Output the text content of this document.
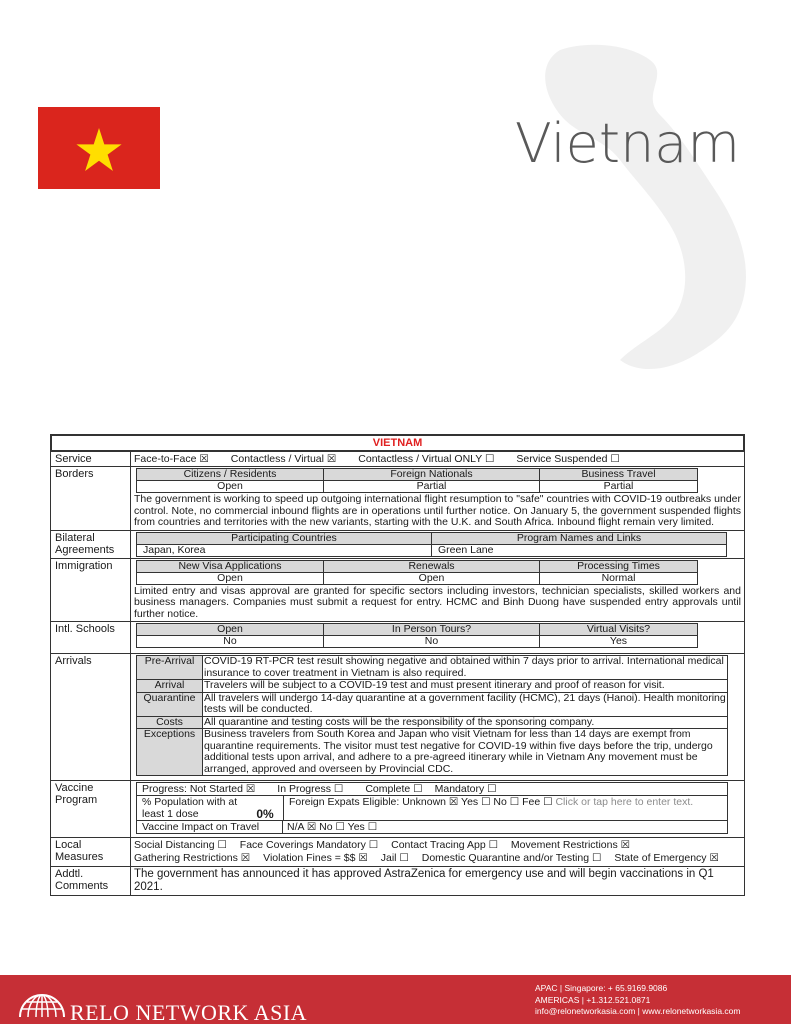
Vietnam
VIETNAM
Service	Face-to-Face ☒ Contactless / Virtual ☒ Contactless / Virtual ONLY ☐ Service Suspended ☐
Borders	Citizens / Residents	Foreign Nationals	Business Travel
Open	Partial	Partial
The government is working to speed up outgoing international flight resumption to "safe" countries with COVID-19 outbreaks under control. Note, no commercial inbound flights are in operations until further notice. On January 5, the government suspended flights from countries and territories with the new variants, starting with the U.K. and South Africa. Inbound flight remain very limited.
Bilateral Agreements
Participating Countries	Program Names and Links
Japan, Korea	Green Lane
Immigration	New Visa Applications	Renewals	Processing Times
Open	Open	Normal
Limited entry and visas approval are granted for specific sectors including investors, technician specialists, skilled workers and business managers. Companies must submit a request for entry. HCMC and Binh Duong have suspended entry approvals until further notice.
Intl. Schools	Open	In Person Tours?	Virtual Visits?
No	No	Yes
Arrivals	Pre-Arrival COVID-19 RT-PCR test result showing negative and obtained within 7 days prior to arrival. International medical insurance to cover treatment in Vietnam is also required.
Arrival	Travelers will be subject to a COVID-19 test and must present itinerary and proof of reason for visit.
Quarantine All travelers will undergo 14-day quarantine at a government facility (HCMC), 21 days (Hanoi). Health monitoring tests will be conducted.
Costs	All quarantine and testing costs will be the responsibility of the sponsoring company.
Exceptions Business travelers from South Korea and Japan who visit Vietnam for less than 14 days are exempt from quarantine requirements. The visitor must test negative for COVID-19 within five days before the trip, undergo additional tests upon arrival, and adhere to a pre-agreed itinerary while in Vietnam Any movement must be arranged, approved and overseen by Provincial CDC.
Vaccine Program
Progress: Not Started ☒ In Progress ☐ Complete ☐ Mandatory ☐
% Population with at least 1 dose	0%
Foreign Expats Eligible: Unknown ☒ Yes ☐ No ☐ Fee ☐ Click or tap here to enter text.
Vaccine Impact on Travel	N/A ☒ No ☐ Yes ☐
Local Measures
Social Distancing ☐ Face Coverings Mandatory ☐ Contact Tracing App ☐ Movement Restrictions ☒
Gathering Restrictions ☒ Violation Fines = $$ ☒ Jail ☐ Domestic Quarantine and/or Testing ☐ State of Emergency ☒
Addtl. Comments
The government has announced it has approved AstraZenica for emergency use and will begin vaccinations in Q1 2021.
RELO NETWORK ASIA
APAC | Singapore: + 65.9169.9086
AMERICAS | +1.312.521.0871
info@relonetworkasia.com | www.relonetworkasia.com
